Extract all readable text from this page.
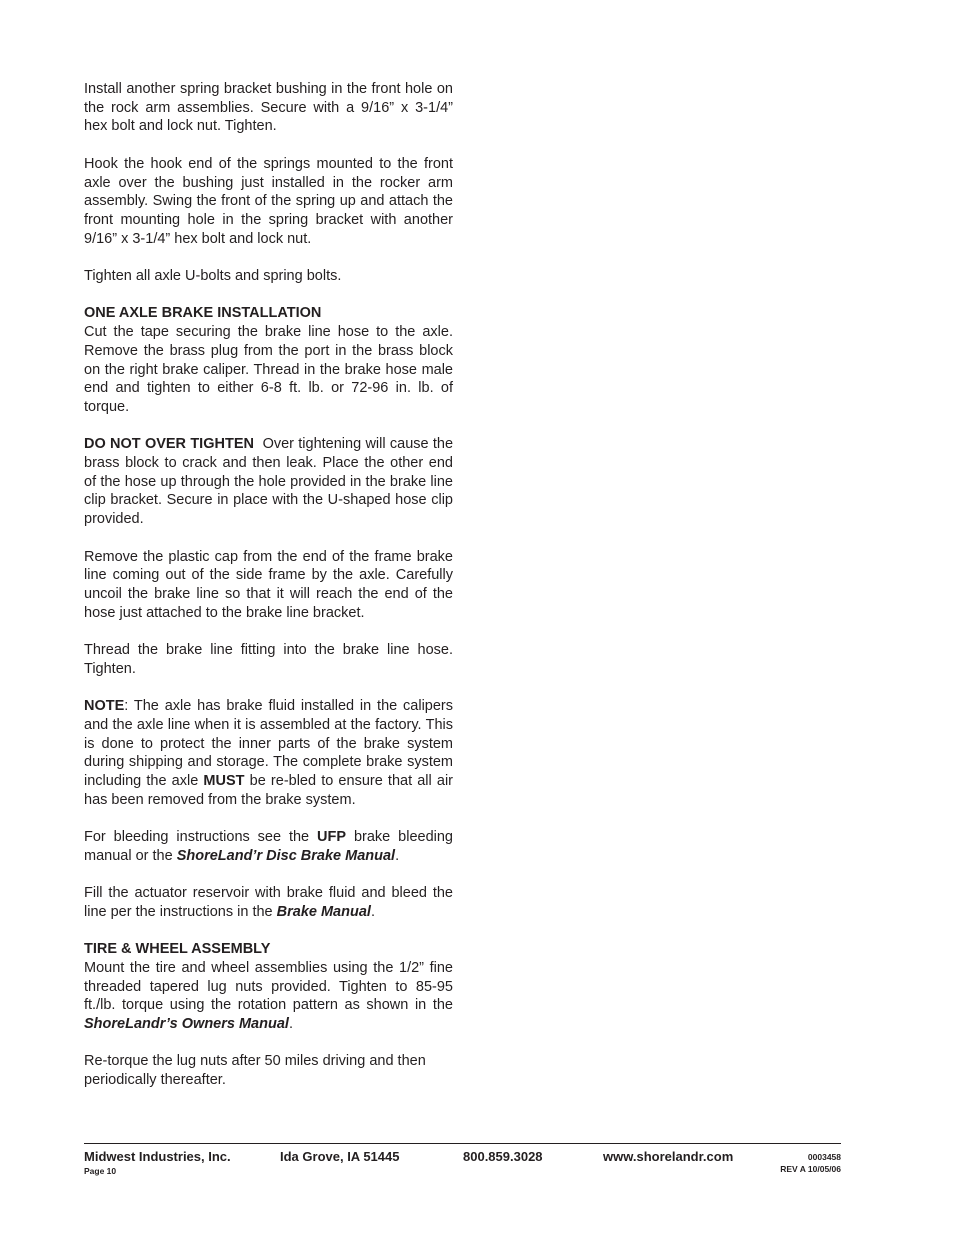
Install another spring bracket bushing in the front hole on the rock arm assemblies. Secure with a 9/16” x 3-1/4” hex bolt and lock nut. Tighten.

Hook the hook end of the springs mounted to the front axle over the bushing just installed in the rocker arm assembly. Swing the front of the spring up and attach the front mounting hole in the spring bracket with another 9/16” x 3-1/4” hex bolt and lock nut.

Tighten all axle U-bolts and spring bolts.

ONE AXLE BRAKE INSTALLATION

Cut the tape securing the brake line hose to the axle. Remove the brass plug from the port in the brass block on the right brake caliper. Thread in the brake hose male end and tighten to either 6-8 ft. lb. or 72-96 in. lb. of torque.

DO NOT OVER TIGHTEN Over tightening will cause the brass block to crack and then leak. Place the other end of the hose up through the hole provided in the brake line clip bracket. Secure in place with the U-shaped hose clip provided.

Remove the plastic cap from the end of the frame brake line coming out of the side frame by the axle. Carefully uncoil the brake line so that it will reach the end of the hose just attached to the brake line bracket.

Thread the brake line fitting into the brake line hose. Tighten.

NOTE: The axle has brake fluid installed in the calipers and the axle line when it is assembled at the factory. This is done to protect the inner parts of the brake system during shipping and storage. The complete brake system including the axle MUST be re-bled to ensure that all air has been removed from the brake system.

For bleeding instructions see the UFP brake bleeding manual or the ShoreLand’r Disc Brake Manual.

Fill the actuator reservoir with brake fluid and bleed the line per the instructions in the Brake Manual.

TIRE & WHEEL ASSEMBLY

Mount the tire and wheel assemblies using the 1/2” fine threaded tapered lug nuts provided. Tighten to 85-95 ft./lb. torque using the rotation pattern as shown in the ShoreLandr’s Owners Manual.

Re-torque the lug nuts after 50 miles driving and then periodically thereafter.

Midwest Industries, Inc.	Ida Grove, IA 51445	800.859.3028	www.shorelandr.com
Page 10
0003458
REV A 10/05/06
